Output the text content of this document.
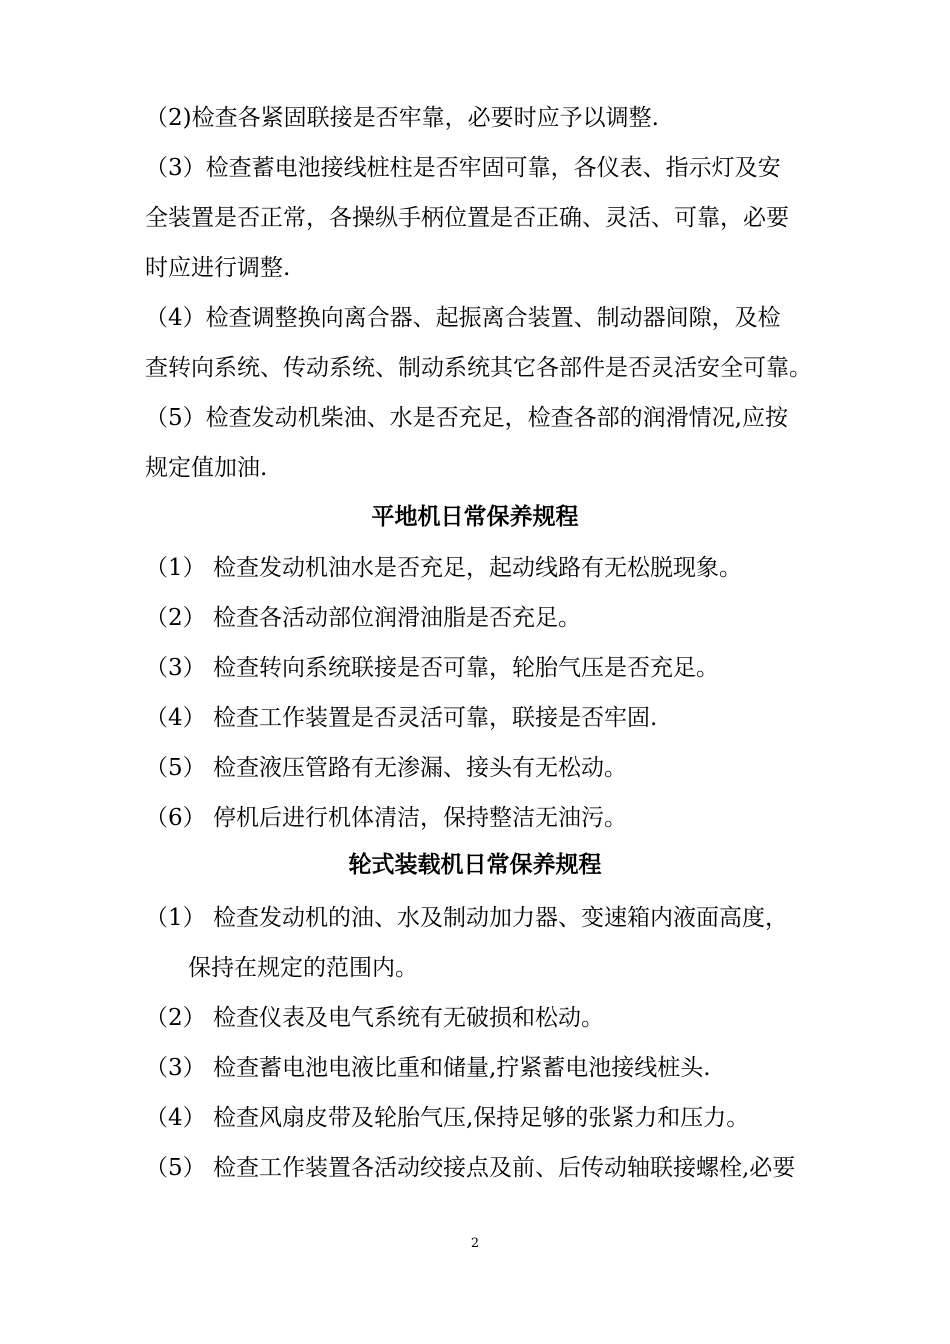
（2)检查各紧固联接是否牢靠，必要时应予以调整.
（3）检查蓄电池接线桩柱是否牢固可靠，各仪表、指示灯及安
全装置是否正常，各操纵手柄位置是否正确、灵活、可靠，必要
时应进行调整.
（4）检查调整换向离合器、起振离合装置、制动器间隙，及检
查转向系统、传动系统、制动系统其它各部件是否灵活安全可靠。
（5）检查发动机柴油、水是否充足，检查各部的润滑情况,应按
规定值加油.
平地机日常保养规程
（1） 检查发动机油水是否充足，起动线路有无松脱现象。
（2） 检查各活动部位润滑油脂是否充足。
（3） 检查转向系统联接是否可靠，轮胎气压是否充足。
（4） 检查工作装置是否灵活可靠，联接是否牢固.
（5） 检查液压管路有无渗漏、接头有无松动。
（6） 停机后进行机体清洁，保持整洁无油污。
轮式装载机日常保养规程
（1） 检查发动机的油、水及制动加力器、变速箱内液面高度，
保持在规定的范围内。
（2） 检查仪表及电气系统有无破损和松动。
（3） 检查蓄电池电液比重和储量,拧紧蓄电池接线桩头.
（4） 检查风扇皮带及轮胎气压,保持足够的张紧力和压力。
（5） 检查工作装置各活动绞接点及前、后传动轴联接螺栓,必要
2
